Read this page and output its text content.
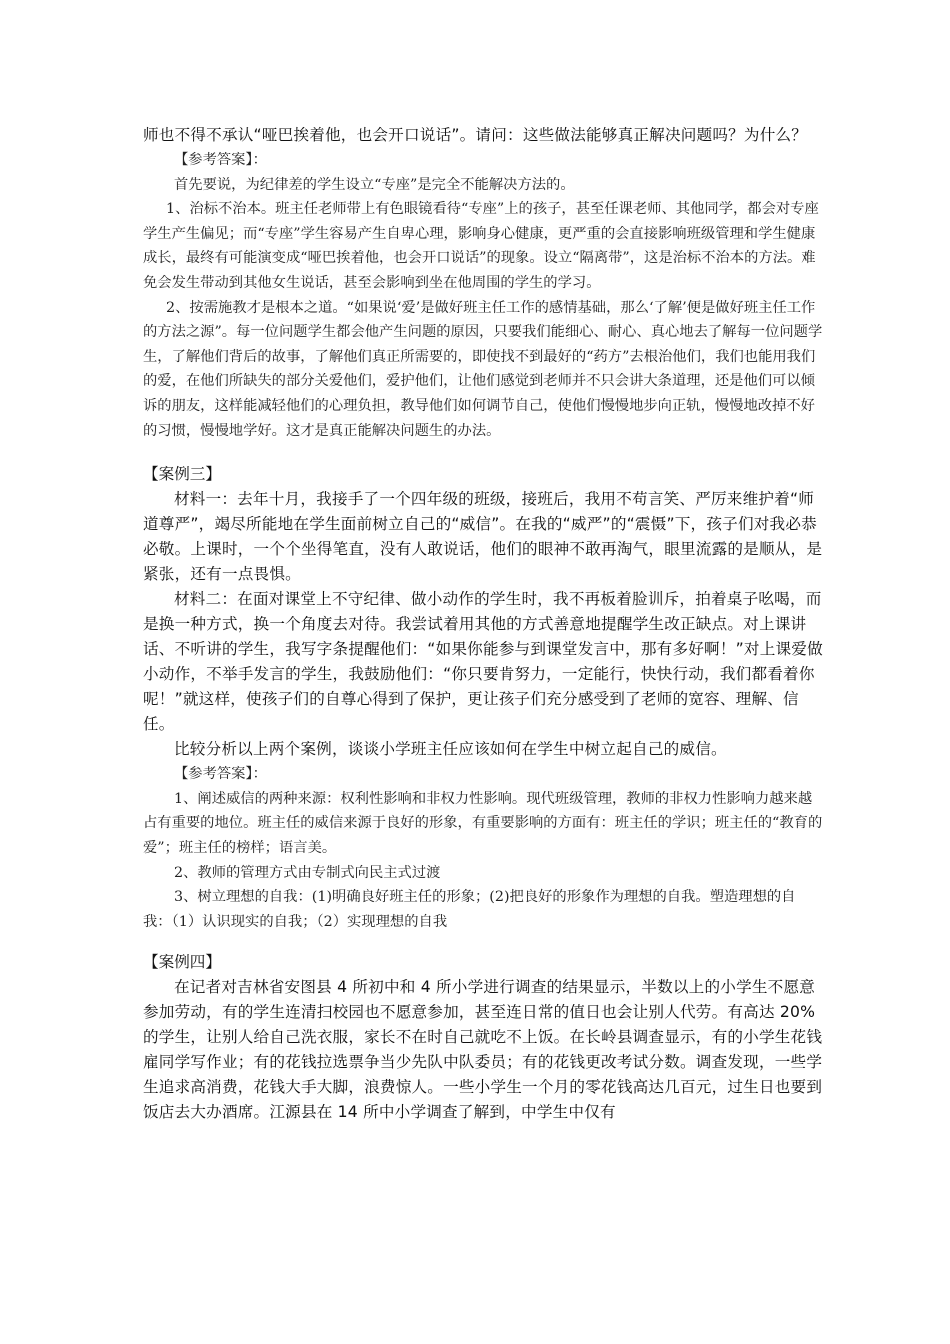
师也不得不承认“哑巴挨着他，也会开口说话”。请问：这些做法能够真正解决问题吗？为什么？

【参考答案】：

首先要说，为纪律差的学生设立“专座”是完全不能解决方法的。

1、治标不治本。班主任老师带上有色眼镜看待“专座”上的孩子，甚至任课老师、其他同学，都会对专座学生产生偏见；而“专座”学生容易产生自卑心理，影响身心健康，更严重的会直接影响班级管理和学生健康成长，最终有可能演变成“哑巴挨着他，也会开口说话”的现象。设立“隔离带”，这是治标不治本的方法。难免会发生带动到其他女生说话，甚至会影响到坐在他周围的学生的学习。

2、按需施教才是根本之道。“如果说‘爱’是做好班主任工作的感情基础，那么‘了解’便是做好班主任工作的方法之源”。每一位问题学生都会他产生问题的原因，只要我们能细心、耐心、真心地去了解每一位问题学生，了解他们背后的故事，了解他们真正所需要的，即使找不到最好的“药方”去根治他们，我们也能用我们的爱，在他们所缺失的部分关爱他们，爱护他们，让他们感觉到老师并不只会讲大条道理，还是他们可以倾诉的朋友，这样能减轻他们的心理负担，教导他们如何调节自己，使他们慢慢地步向正轨，慢慢地改掉不好的习惯，慢慢地学好。这才是真正能解决问题生的办法。

【案例三】

材料一：去年十月，我接手了一个四年级的班级，接班后，我用不苟言笑、严厉来维护着“师道尊严”，竭尽所能地在学生面前树立自己的“威信”。在我的“威严”的“震慑”下，孩子们对我必恭必敬。上课时，一个个坐得笔直，没有人敢说话，他们的眼神不敢再淘气，眼里流露的是顺从，是紧张，还有一点畏惧。

材料二：在面对课堂上不守纪律、做小动作的学生时，我不再板着脸训斥，拍着桌子吆喝，而是换一种方式，换一个角度去对待。我尝试着用其他的方式善意地提醒学生改正缺点。对上课讲话、不听讲的学生，我写字条提醒他们：“如果你能参与到课堂发言中，那有多好啊！”对上课爱做小动作，不举手发言的学生，我鼓励他们：“你只要肯努力，一定能行，快快行动，我们都看着你呢！”就这样，使孩子们的自尊心得到了保护，更让孩子们充分感受到了老师的宽容、理解、信任。

比较分析以上两个案例，谈谈小学班主任应该如何在学生中树立起自己的威信。

【参考答案】：

1、阐述威信的两种来源：权利性影响和非权力性影响。现代班级管理，教师的非权力性影响力越来越占有重要的地位。班主任的威信来源于良好的形象，有重要影响的方面有：班主任的学识；班主任的“教育的爱”；班主任的榜样；语言美。

2、教师的管理方式由专制式向民主式过渡

3、树立理想的自我：(1)明确良好班主任的形象；(2)把良好的形象作为理想的自我。塑造理想的自我：（1）认识现实的自我；（2）实现理想的自我

【案例四】

在记者对吉林省安图县 4 所初中和 4 所小学进行调查的结果显示，半数以上的小学生不愿意参加劳动，有的学生连清扫校园也不愿意参加，甚至连日常的值日也会让别人代劳。有高达 20%的学生，让别人给自己洗衣服，家长不在时自己就吃不上饭。在长岭县调查显示，有的小学生花钱雇同学写作业；有的花钱拉选票争当少先队中队委员；有的花钱更改考试分数。调查发现，一些学生追求高消费，花钱大手大脚，浪费惊人。一些小学生一个月的零花钱高达几百元，过生日也要到饭店去大办酒席。江源县在 14 所中小学调查了解到，中学生中仅有
